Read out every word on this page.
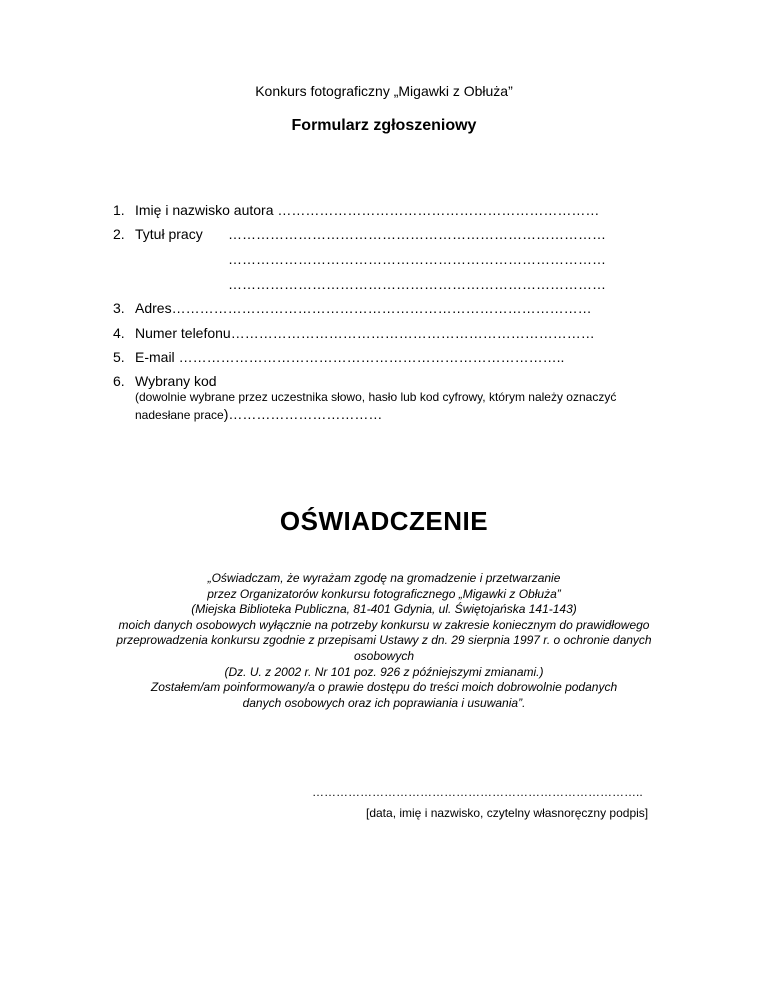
Konkurs fotograficzny „Migawki z Obłuża”
Formularz zgłoszeniowy
1. Imię i nazwisko autora ……………………………………………………………
2. Tytuł pracy ………………………………………………………………………
………………………………………………………………………
………………………………………………………………………
3. Adres………………………………………………………………………………
4. Numer telefonu……………………………………………………………………
5. E-mail ………………………………………………………………………..
6. Wybrany kod
(dowolnie wybrane przez uczestnika słowo, hasło lub kod cyfrowy, którym należy oznaczyć
nadesłane prace)……………………………
OŚWIADCZENIE
„Oświadczam, że wyrażam zgodę na gromadzenie i przetwarzanie
przez Organizatorów konkursu fotograficznego „Migawki z Obłuża”
(Miejska Biblioteka Publiczna, 81-401 Gdynia, ul. Świętojańska 141-143)
moich danych osobowych wyłącznie na potrzeby konkursu w zakresie koniecznym do prawidłowego
przeprowadzenia konkursu zgodnie z przepisami Ustawy z dn. 29 sierpnia 1997 r. o ochronie danych
osobowych
(Dz. U. z 2002 r. Nr 101 poz. 926 z późniejszymi zmianami.)
Zostałem/am poinformowany/a o prawie dostępu do treści moich dobrowolnie podanych
danych osobowych oraz ich poprawiania i usuwania”.
………………………………………………………………………..
[data, imię i nazwisko, czytelny własnoręczny podpis]
